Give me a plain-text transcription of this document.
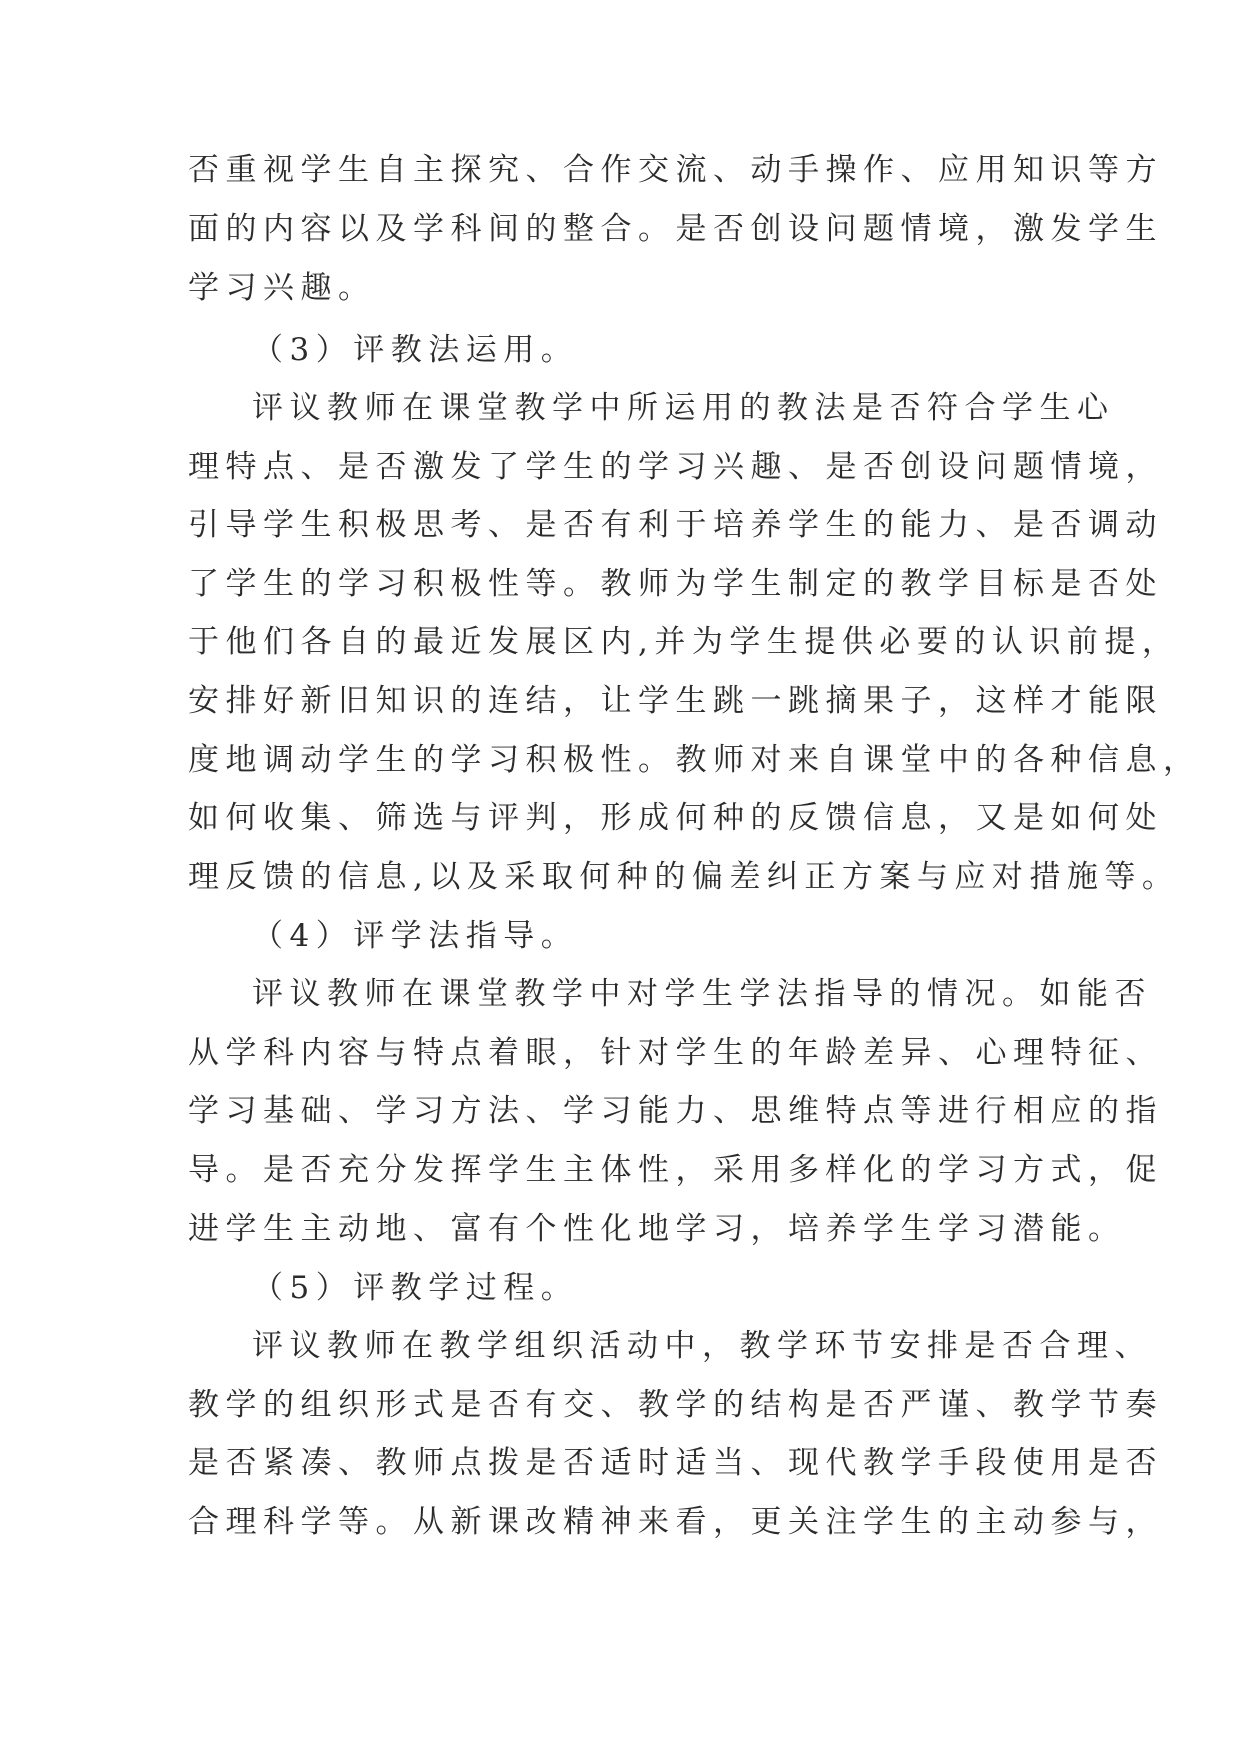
否重视学生自主探究、合作交流、动手操作、应用知识等方
面的内容以及学科间的整合。是否创设问题情境，激发学生
学习兴趣。
（3）评教法运用。
评议教师在课堂教学中所运用的教法是否符合学生心
理特点、是否激发了学生的学习兴趣、是否创设问题情境，
引导学生积极思考、是否有利于培养学生的能力、是否调动
了学生的学习积极性等。教师为学生制定的教学目标是否处
于他们各自的最近发展区内,并为学生提供必要的认识前提，
安排好新旧知识的连结，让学生跳一跳摘果子，这样才能限
度地调动学生的学习积极性。教师对来自课堂中的各种信息，
如何收集、筛选与评判，形成何种的反馈信息，又是如何处
理反馈的信息,以及采取何种的偏差纠正方案与应对措施等。
（4）评学法指导。
评议教师在课堂教学中对学生学法指导的情况。如能否
从学科内容与特点着眼，针对学生的年龄差异、心理特征、
学习基础、学习方法、学习能力、思维特点等进行相应的指
导。是否充分发挥学生主体性，采用多样化的学习方式，促
进学生主动地、富有个性化地学习，培养学生学习潜能。
（5）评教学过程。
评议教师在教学组织活动中，教学环节安排是否合理、
教学的组织形式是否有交、教学的结构是否严谨、教学节奏
是否紧凑、教师点拨是否适时适当、现代教学手段使用是否
合理科学等。从新课改精神来看，更关注学生的主动参与，
